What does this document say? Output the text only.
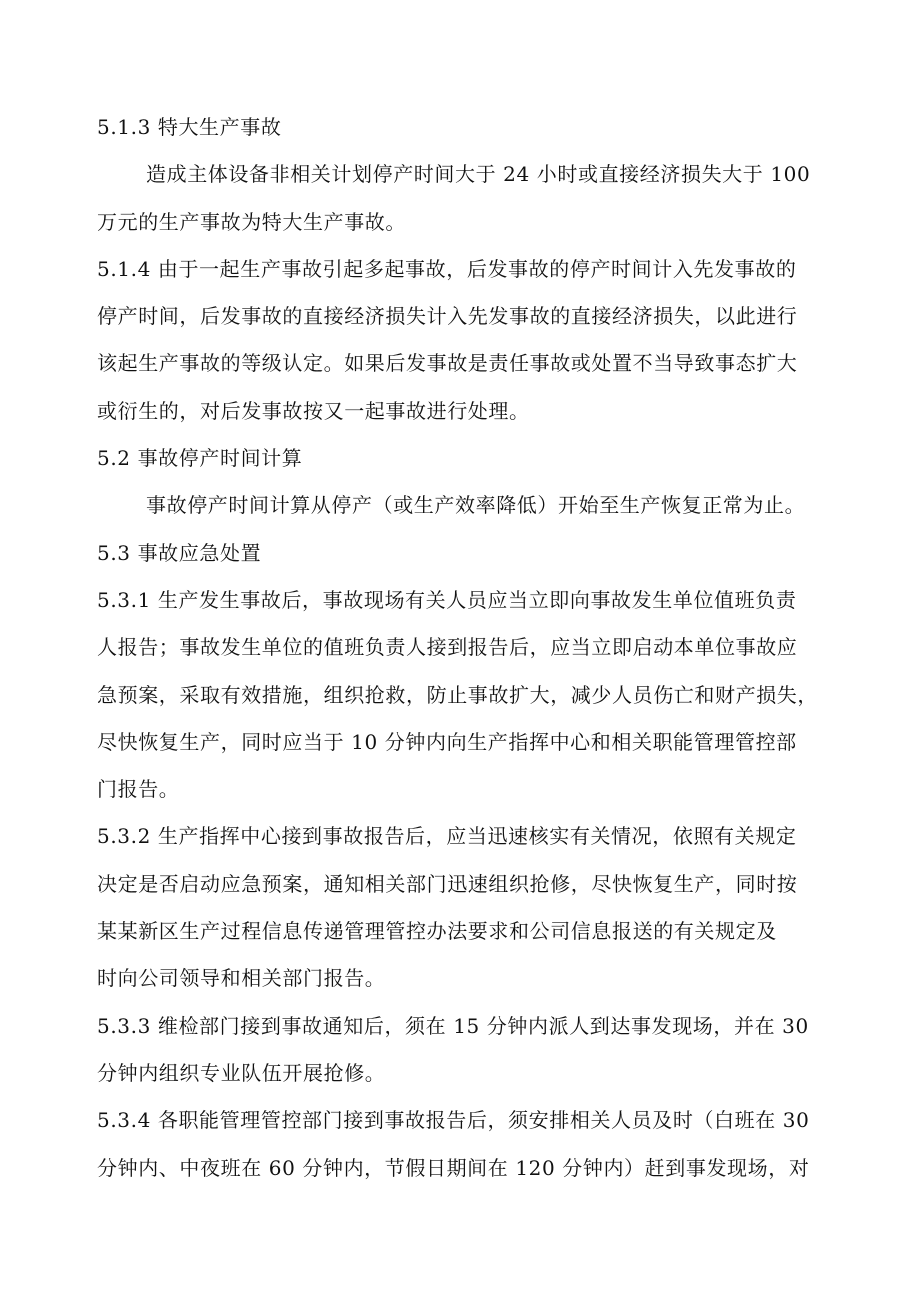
5.1.3 特大生产事故
造成主体设备非相关计划停产时间大于 24 小时或直接经济损失大于 100
万元的生产事故为特大生产事故。
5.1.4 由于一起生产事故引起多起事故，后发事故的停产时间计入先发事故的
停产时间，后发事故的直接经济损失计入先发事故的直接经济损失，以此进行
该起生产事故的等级认定。如果后发事故是责任事故或处置不当导致事态扩大
或衍生的，对后发事故按又一起事故进行处理。
5.2 事故停产时间计算
事故停产时间计算从停产（或生产效率降低）开始至生产恢复正常为止。
5.3 事故应急处置
5.3.1 生产发生事故后，事故现场有关人员应当立即向事故发生单位值班负责
人报告；事故发生单位的值班负责人接到报告后，应当立即启动本单位事故应
急预案，采取有效措施，组织抢救，防止事故扩大，减少人员伤亡和财产损失，
尽快恢复生产，同时应当于 10 分钟内向生产指挥中心和相关职能管理管控部
门报告。
5.3.2 生产指挥中心接到事故报告后，应当迅速核实有关情况，依照有关规定
决定是否启动应急预案，通知相关部门迅速组织抢修，尽快恢复生产，同时按
某某新区生产过程信息传递管理管控办法要求和公司信息报送的有关规定及
时向公司领导和相关部门报告。
5.3.3 维检部门接到事故通知后，须在 15 分钟内派人到达事发现场，并在 30
分钟内组织专业队伍开展抢修。
5.3.4 各职能管理管控部门接到事故报告后，须安排相关人员及时（白班在 30
分钟内、中夜班在 60 分钟内，节假日期间在 120 分钟内）赶到事发现场，对
